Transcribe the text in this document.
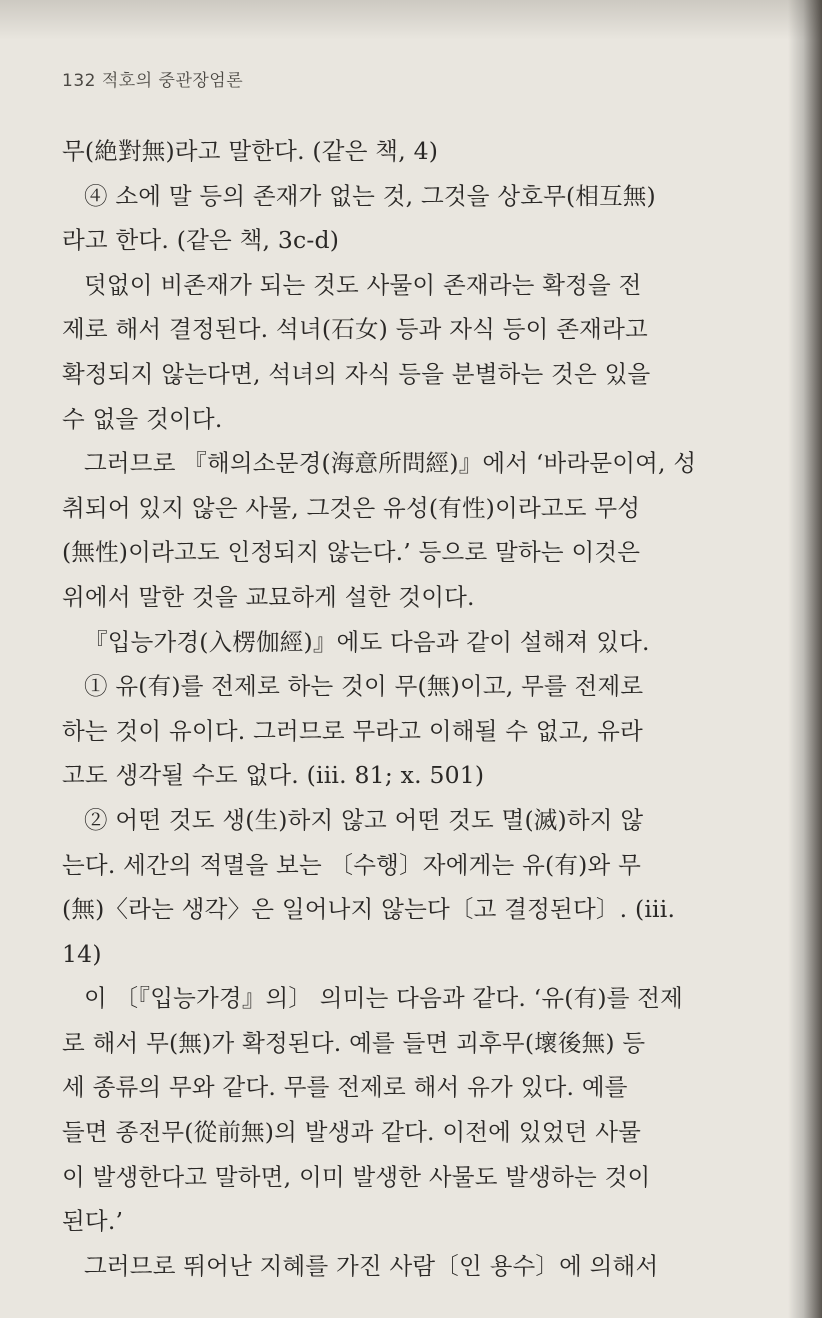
132 적호의 중관장엄론
무(絶對無)라고 말한다. (같은 책, 4)
④ 소에 말 등의 존재가 없는 것, 그것을 상호무(相互無)
라고 한다. (같은 책, 3c-d)
덧없이 비존재가 되는 것도 사물이 존재라는 확정을 전
제로 해서 결정된다. 석녀(石女) 등과 자식 등이 존재라고
확정되지 않는다면, 석녀의 자식 등을 분별하는 것은 있을
수 없을 것이다.
그러므로 『해의소문경(海意所問經)』에서 ‘바라문이여, 성
취되어 있지 않은 사물, 그것은 유성(有性)이라고도 무성
(無性)이라고도 인정되지 않는다.’ 등으로 말하는 이것은
위에서 말한 것을 교묘하게 설한 것이다.
『입능가경(入楞伽經)』에도 다음과 같이 설해져 있다.
① 유(有)를 전제로 하는 것이 무(無)이고, 무를 전제로
하는 것이 유이다. 그러므로 무라고 이해될 수 없고, 유라
고도 생각될 수도 없다. (iii. 81; x. 501)
② 어떤 것도 생(生)하지 않고 어떤 것도 멸(滅)하지 않
는다. 세간의 적멸을 보는 〔수행〕자에게는 유(有)와 무
(無)〈라는 생각〉은 일어나지 않는다〔고 결정된다〕. (iii.
14)
이 〔『입능가경』의〕 의미는 다음과 같다. ‘유(有)를 전제
로 해서 무(無)가 확정된다. 예를 들면 괴후무(壞後無) 등
세 종류의 무와 같다. 무를 전제로 해서 유가 있다. 예를
들면 종전무(從前無)의 발생과 같다. 이전에 있었던 사물
이 발생한다고 말하면, 이미 발생한 사물도 발생하는 것이
된다.’
그러므로 뛰어난 지혜를 가진 사람〔인 용수〕에 의해서
